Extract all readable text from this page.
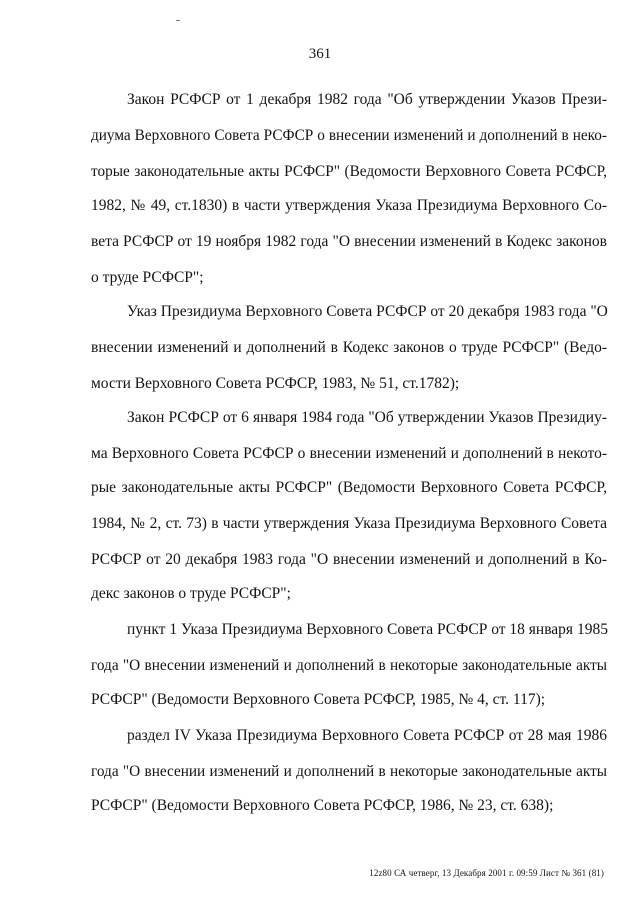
361
Закон РСФСР от 1 декабря 1982 года "Об утверждении Указов Прези-
диума Верховного Совета РСФСР о внесении изменений и дополнений в неко-
торые законодательные акты РСФСР" (Ведомости Верховного Совета РСФСР,
1982, № 49, ст.1830) в части утверждения Указа Президиума Верховного Со-
вета РСФСР от 19 ноября 1982 года "О внесении изменений в Кодекс законов
о труде РСФСР";
Указ Президиума Верховного Совета РСФСР от 20 декабря 1983 года "О
внесении изменений и дополнений в Кодекс законов о труде РСФСР" (Ведо-
мости Верховного Совета РСФСР, 1983, № 51, ст.1782);
Закон РСФСР от 6 января 1984 года "Об утверждении Указов Президиу-
ма Верховного Совета РСФСР о внесении изменений и дополнений в некото-
рые законодательные акты РСФСР" (Ведомости Верховного Совета РСФСР,
1984, № 2, ст. 73) в части утверждения Указа Президиума Верховного Совета
РСФСР от 20 декабря 1983 года "О внесении изменений и дополнений в Ко-
декс законов о труде РСФСР";
пункт 1 Указа Президиума Верховного Совета РСФСР от 18 января 1985
года "О внесении изменений и дополнений в некоторые законодательные акты
РСФСР" (Ведомости Верховного Совета РСФСР, 1985, № 4, ст. 117);
раздел IV Указа Президиума Верховного Совета РСФСР от 28 мая 1986
года "О внесении изменений и дополнений в некоторые законодательные акты
РСФСР" (Ведомости Верховного Совета РСФСР, 1986, № 23, ст. 638);
12z80 СА четверг, 13 Декабря 2001 г. 09:59 Лист № 361 (81)
